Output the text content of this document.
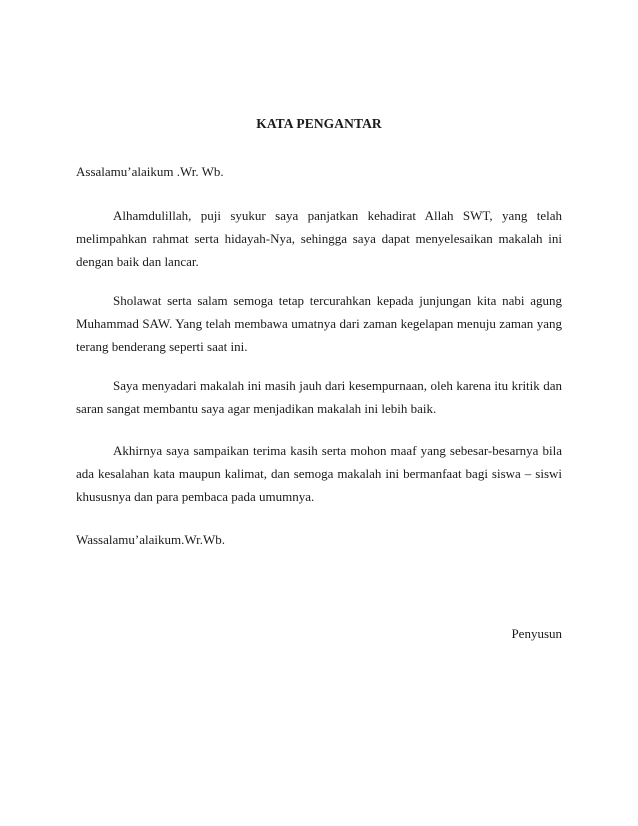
KATA PENGANTAR

Assalamu’alaikum .Wr. Wb.

Alhamdulillah, puji syukur saya panjatkan kehadirat Allah SWT, yang telah melimpahkan rahmat serta hidayah-Nya, sehingga saya dapat menyelesaikan makalah ini dengan baik dan lancar.

Sholawat serta salam semoga tetap tercurahkan kepada junjungan kita nabi agung Muhammad SAW. Yang telah membawa umatnya dari zaman kegelapan menuju zaman yang terang benderang seperti saat ini.

Saya menyadari makalah ini masih jauh dari kesempurnaan, oleh karena itu kritik dan saran sangat membantu saya agar menjadikan makalah ini lebih baik.

Akhirnya saya sampaikan terima kasih serta mohon maaf yang sebesar-besarnya bila ada kesalahan kata maupun kalimat, dan semoga makalah ini bermanfaat bagi siswa – siswi khususnya dan para pembaca pada umumnya.

Wassalamu’alaikum.Wr.Wb.

Penyusun
